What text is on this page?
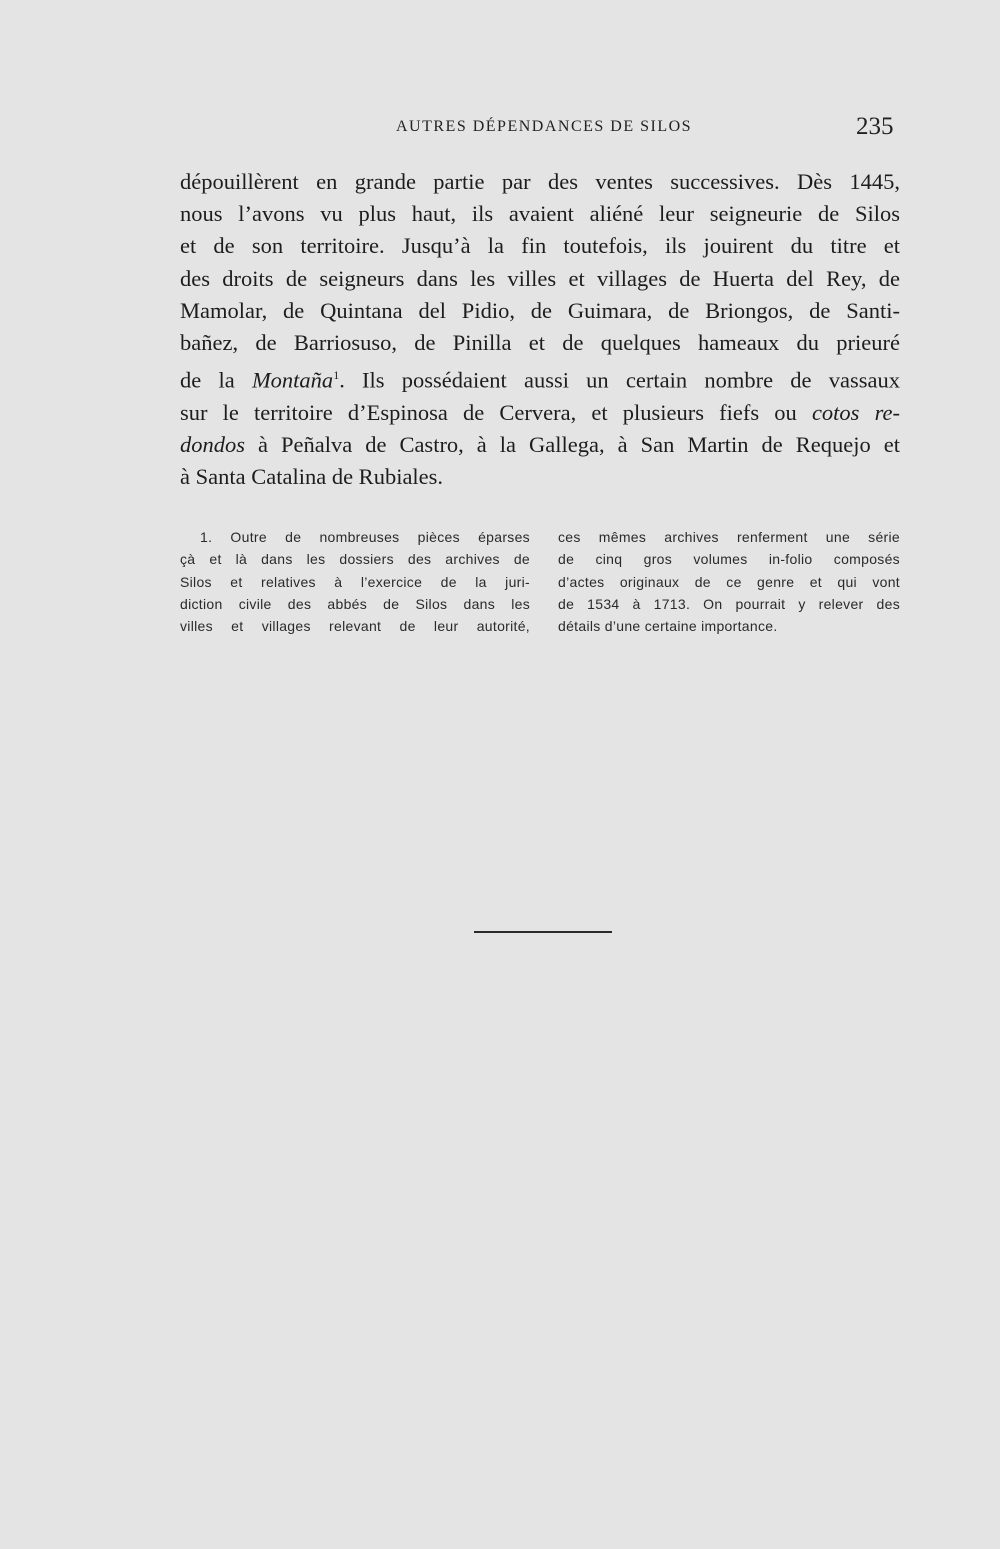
AUTRES DÉPENDANCES DE SILOS	235
dépouillèrent en grande partie par des ventes successives. Dès 1445,
nous l’avons vu plus haut, ils avaient aliéné leur seigneurie de Silos
et de son territoire. Jusqu’à la fin toutefois, ils jouirent du titre et
des droits de seigneurs dans les villes et villages de Huerta del Rey, de
Mamolar, de Quintana del Pidio, de Guimara, de Briongos, de Santi-
bañez, de Barriosuso, de Pinilla et de quelques hameaux du prieuré
de la Montaña$^1$. Ils possédaient aussi un certain nombre de vassaux
sur le territoire d’Espinosa de Cervera, et plusieurs fiefs ou cotos re-
dondos à Peñalva de Castro, à la Gallega, à San Martin de Requejo et
à Santa Catalina de Rubiales.
1. Outre de nombreuses pièces éparses
çà et là dans les dossiers des archives de
Silos et relatives à l’exercice de la juri-
diction civile des abbés de Silos dans les
villes et villages relevant de leur autorité,
ces mêmes archives renferment une série
de cinq gros volumes in-folio composés
d’actes originaux de ce genre et qui vont
de 1534 à 1713. On pourrait y relever des
détails d’une certaine importance.
